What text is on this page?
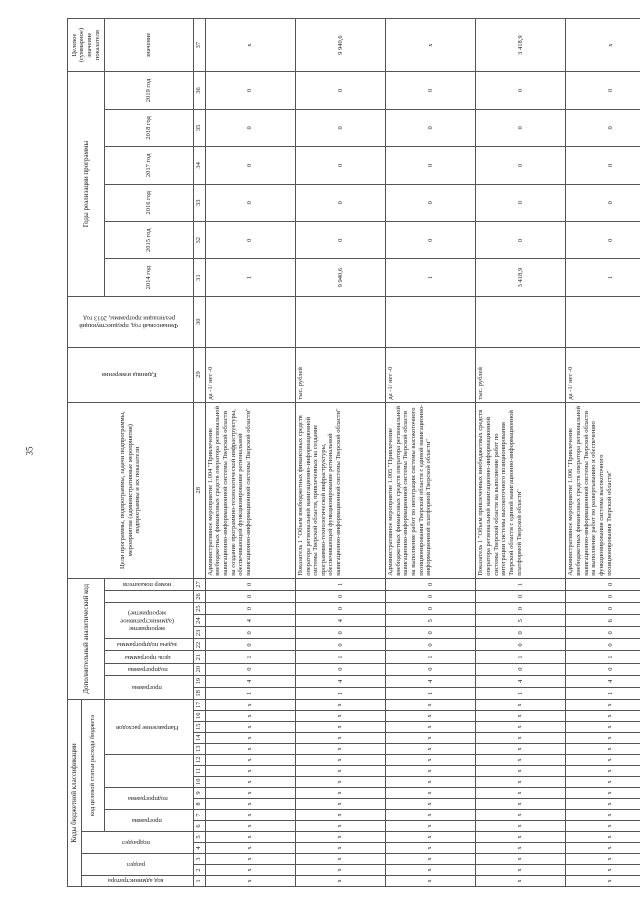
35
Коды бюджетной классификации																	Дополнительный аналитический код										Цели программы, подпрограммы, задачи подпрограммы, мероприятия (административные мероприятия) подпрограммы и их показатели	Единица измерения	Финансовый год, предшествующий реализации программы, 2013 год	Годы реализации программы						Целевое (суммарное) значение показателя
код администратора	раздел		подраздел		код целевой статьи расхода бюджета																															
					программа		подпрограмма					Направление расходов					программа		подпрограмма	цель программы	задача подпрограммы	мероприятие (административное мероприятие)				номер показателя				2014 год	2015 год	2016 год	2017 год	2018 год	2019 год	значение

1	2	3	4	5	6	7	8	9	10	11	12	13	14	15	16	17	18	19	20	21	22	23	24	25	26	27	28	29	30	31	32	33	34	35	36	37
x	x	x	x	x	x	x	x	x	x	x	x	x	x	x	x	x	1	4	0	1	0	0	4	0	0	0	Административное мероприятие 1.004 "Привлечение внебюджетных финансовых средств оператора региональной навигационно-информационной системы Тверской области на создание программно-технологической инфраструктуры, обеспечивающей функционирование региональной навигационно-информационной системы Тверской области"	да -1/ нет -0		1	0	0	0	0	0	x
x	x	x	x	x	x	x	x	x	x	x	x	x	x	x	x	x	1	4	0	1	0	0	4	0	0	1	Показатель 1 "Объем внебюджетных финансовых средств оператора региональной навигационно-информационной системы Тверской области, привлеченных на создание программно-технологической инфраструктуры, обеспечивающей функционирование региональной навигационно-информационной системы Тверской области"	тыс. рублей		9 940,6	0	0	0	0	0	9 940,6
x	x	x	x	x	x	x	x	x	x	x	x	x	x	x	x	x	1	4	0	1	0	0	5	0	0	0	Административное мероприятие 1.005 "Привлечение внебюджетных финансовых средств оператора региональной навигационно-информационной системы Тверской области на выполнение работ по интеграции системы высокоточного позиционирования Тверской области с единой навигационно-информационной платформой Тверской области"	да -1/ нет -0		1	0	0	0	0	0	x
x	x	x	x	x	x	x	x	x	x	x	x	x	x	x	x	x	1	4	0	1	0	0	5	0	0	1	Показатель 1 "Объем привлеченных внебюджетных средств оператора региональной навигационно-информационной системы Тверской области на выполнение работ по интеграции системы высокоточного позиционирования Тверской области с единой навигационно-информационной платформой Тверской области"	тыс. рублей		3 418,9	0	0	0	0	0	3 418,9
x	x	x	x	x	x	x	x	x	x	x	x	x	x	x	x	x	1	4	0	1	0	0	6	0	0	0	Административное мероприятие 1.006 "Привлечение внебюджетных финансовых средств оператора региональной навигационно-информационной системы Тверской области на выполнение работ по развертыванию и обеспечению функционирования системы высокоточного позиционирования Тверской области"	да -1/ нет -0		1	0	0	0	0	0	x
